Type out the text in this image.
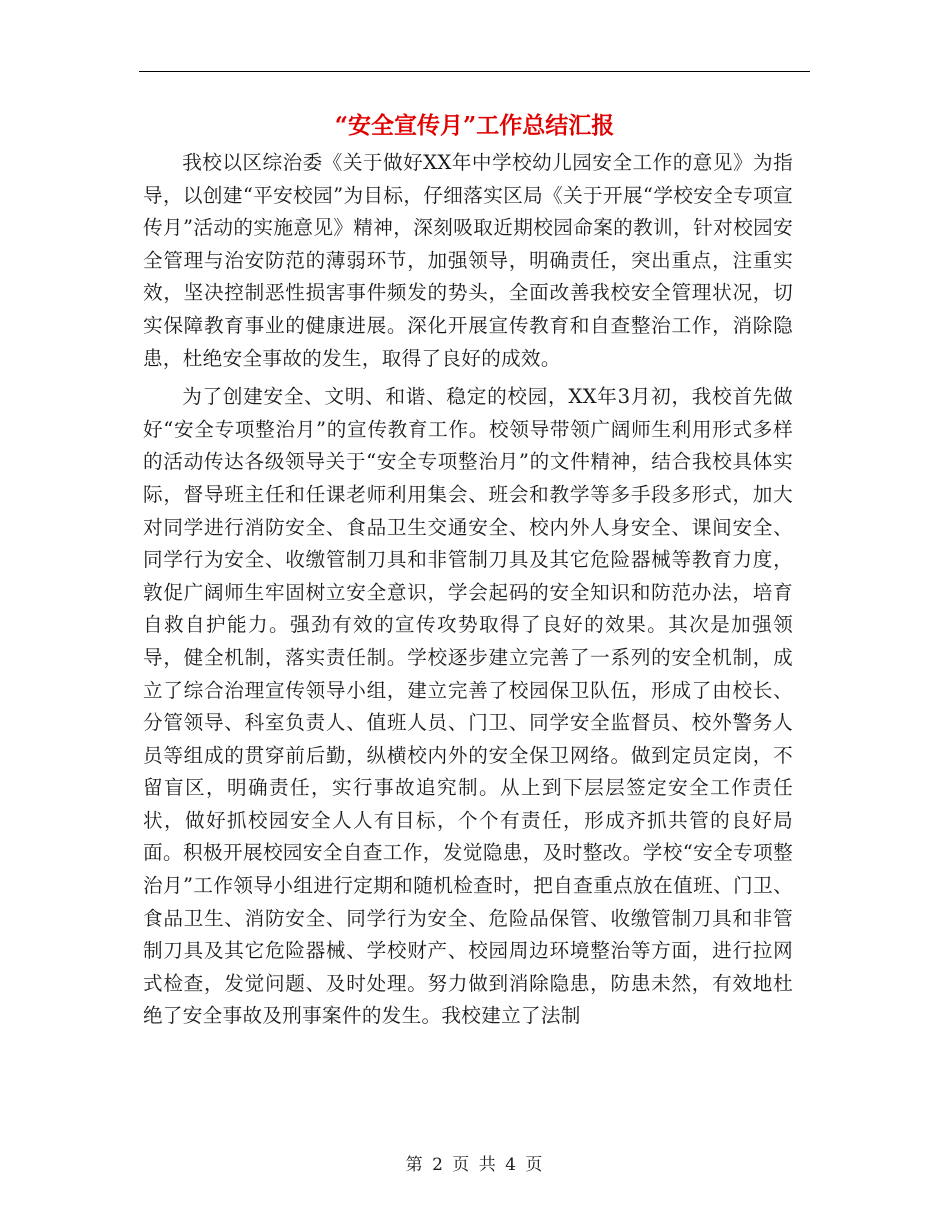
“安全宣传月”工作总结汇报

我校以区综治委《关于做好XX年中学校幼儿园安全工作的意见》为指导，以创建“平安校园”为目标，仔细落实区局《关于开展“学校安全专项宣传月”活动的实施意见》精神，深刻吸取近期校园命案的教训，针对校园安全管理与治安防范的薄弱环节，加强领导，明确责任，突出重点，注重实效，坚决控制恶性损害事件频发的势头，全面改善我校安全管理状况，切实保障教育事业的健康进展。深化开展宣传教育和自查整治工作，消除隐患，杜绝安全事故的发生，取得了良好的成效。

为了创建安全、文明、和谐、稳定的校园，XX年3月初，我校首先做好“安全专项整治月”的宣传教育工作。校领导带领广阔师生利用形式多样的活动传达各级领导关于“安全专项整治月”的文件精神，结合我校具体实际，督导班主任和任课老师利用集会、班会和教学等多手段多形式，加大对同学进行消防安全、食品卫生交通安全、校内外人身安全、课间安全、同学行为安全、收缴管制刀具和非管制刀具及其它危险器械等教育力度，敦促广阔师生牢固树立安全意识，学会起码的安全知识和防范办法，培育自救自护能力。强劲有效的宣传攻势取得了良好的效果。其次是加强领导，健全机制，落实责任制。学校逐步建立完善了一系列的安全机制，成立了综合治理宣传领导小组，建立完善了校园保卫队伍，形成了由校长、分管领导、科室负责人、值班人员、门卫、同学安全监督员、校外警务人员等组成的贯穿前后勤，纵横校内外的安全保卫网络。做到定员定岗，不留盲区，明确责任，实行事故追究制。从上到下层层签定安全工作责任状，做好抓校园安全人人有目标，个个有责任，形成齐抓共管的良好局面。积极开展校园安全自查工作，发觉隐患，及时整改。学校“安全专项整治月”工作领导小组进行定期和随机检查时，把自查重点放在值班、门卫、食品卫生、消防安全、同学行为安全、危险品保管、收缴管制刀具和非管制刀具及其它危险器械、学校财产、校园周边环境整治等方面，进行拉网式检查，发觉问题、及时处理。努力做到消除隐患，防患未然，有效地杜绝了安全事故及刑事案件的发生。我校建立了法制

第 2 页 共 4 页
